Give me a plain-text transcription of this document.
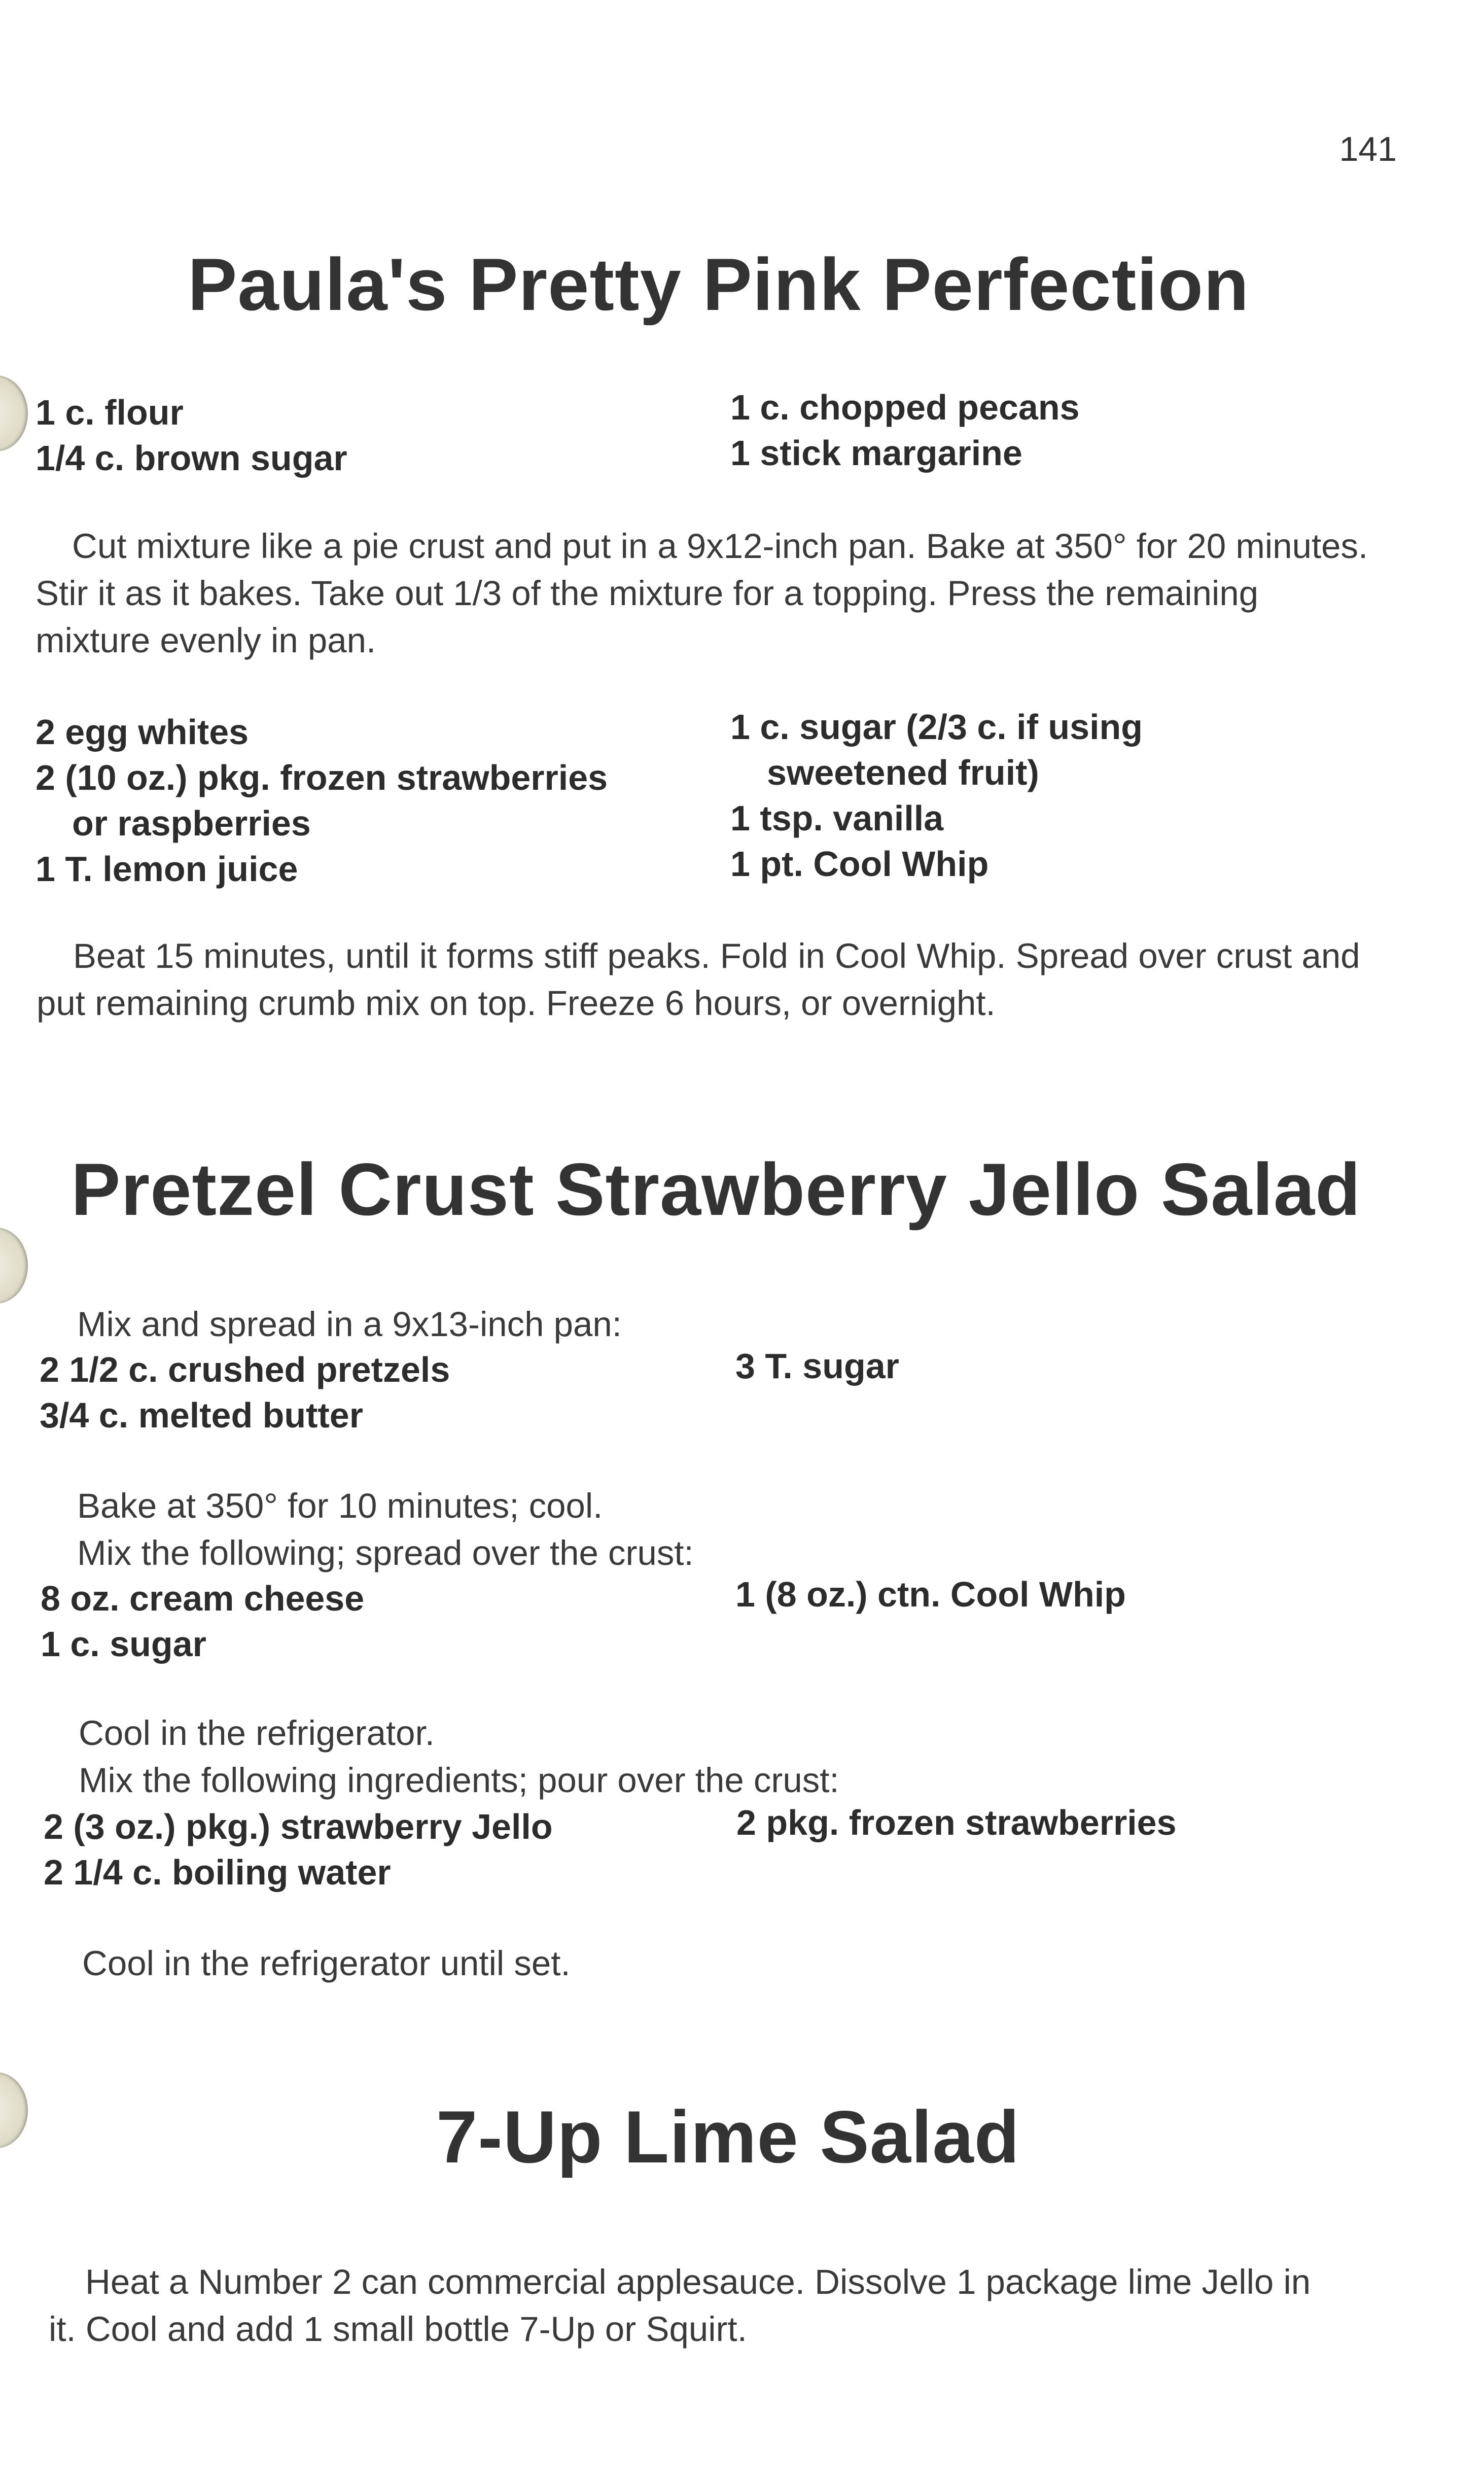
141
Paula's Pretty Pink Perfection
1 c. flour
1/4 c. brown sugar
1 c. chopped pecans
1 stick margarine
Cut mixture like a pie crust and put in a 9x12-inch pan. Bake at 350° for 20 minutes.
Stir it as it bakes. Take out 1/3 of the mixture for a topping. Press the remaining
mixture evenly in pan.
2 egg whites
2 (10 oz.) pkg. frozen strawberries
or raspberries
1 T. lemon juice
1 c. sugar (2/3 c. if using
sweetened fruit)
1 tsp. vanilla
1 pt. Cool Whip
Beat 15 minutes, until it forms stiff peaks. Fold in Cool Whip. Spread over crust and
put remaining crumb mix on top. Freeze 6 hours, or overnight.
Pretzel Crust Strawberry Jello Salad
Mix and spread in a 9x13-inch pan:
2 1/2 c. crushed pretzels
3/4 c. melted butter
3 T. sugar
Bake at 350° for 10 minutes; cool.
Mix the following; spread over the crust:
8 oz. cream cheese
1 c. sugar
1 (8 oz.) ctn. Cool Whip
Cool in the refrigerator.
Mix the following ingredients; pour over the crust:
2 (3 oz.) pkg.) strawberry Jello
2 1/4 c. boiling water
2 pkg. frozen strawberries
Cool in the refrigerator until set.
7-Up Lime Salad
Heat a Number 2 can commercial applesauce. Dissolve 1 package lime Jello in
it. Cool and add 1 small bottle 7-Up or Squirt.
